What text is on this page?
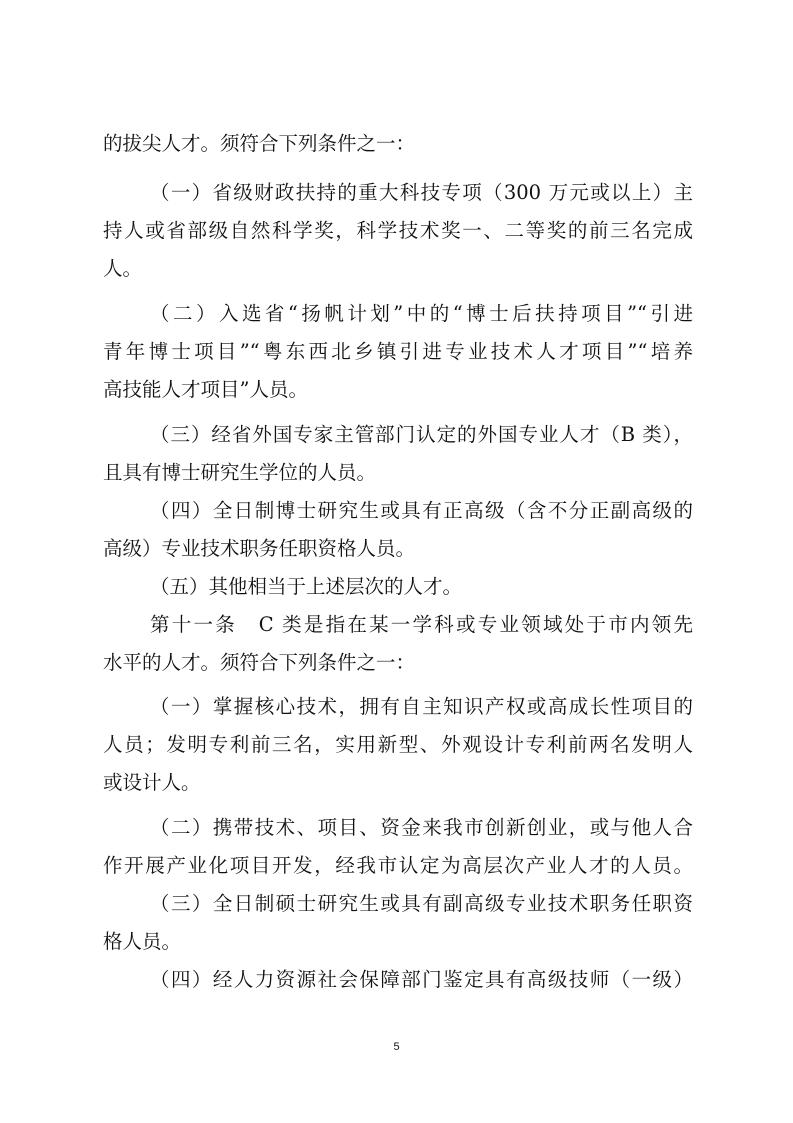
的拔尖人才。须符合下列条件之一：
（一）省级财政扶持的重大科技专项（300 万元或以上）主
持人或省部级自然科学奖，科学技术奖一、二等奖的前三名完成
人。
（二）入选省“扬帆计划”中的“博士后扶持项目”“引进
青年博士项目”“粤东西北乡镇引进专业技术人才项目”“培养
高技能人才项目”人员。
（三）经省外国专家主管部门认定的外国专业人才（B 类），
且具有博士研究生学位的人员。
（四）全日制博士研究生或具有正高级（含不分正副高级的
高级）专业技术职务任职资格人员。
（五）其他相当于上述层次的人才。
第十一条　C 类是指在某一学科或专业领域处于市内领先
水平的人才。须符合下列条件之一：
（一）掌握核心技术，拥有自主知识产权或高成长性项目的
人员；发明专利前三名，实用新型、外观设计专利前两名发明人
或设计人。
（二）携带技术、项目、资金来我市创新创业，或与他人合
作开展产业化项目开发，经我市认定为高层次产业人才的人员。
（三）全日制硕士研究生或具有副高级专业技术职务任职资
格人员。
（四）经人力资源社会保障部门鉴定具有高级技师（一级）
5
